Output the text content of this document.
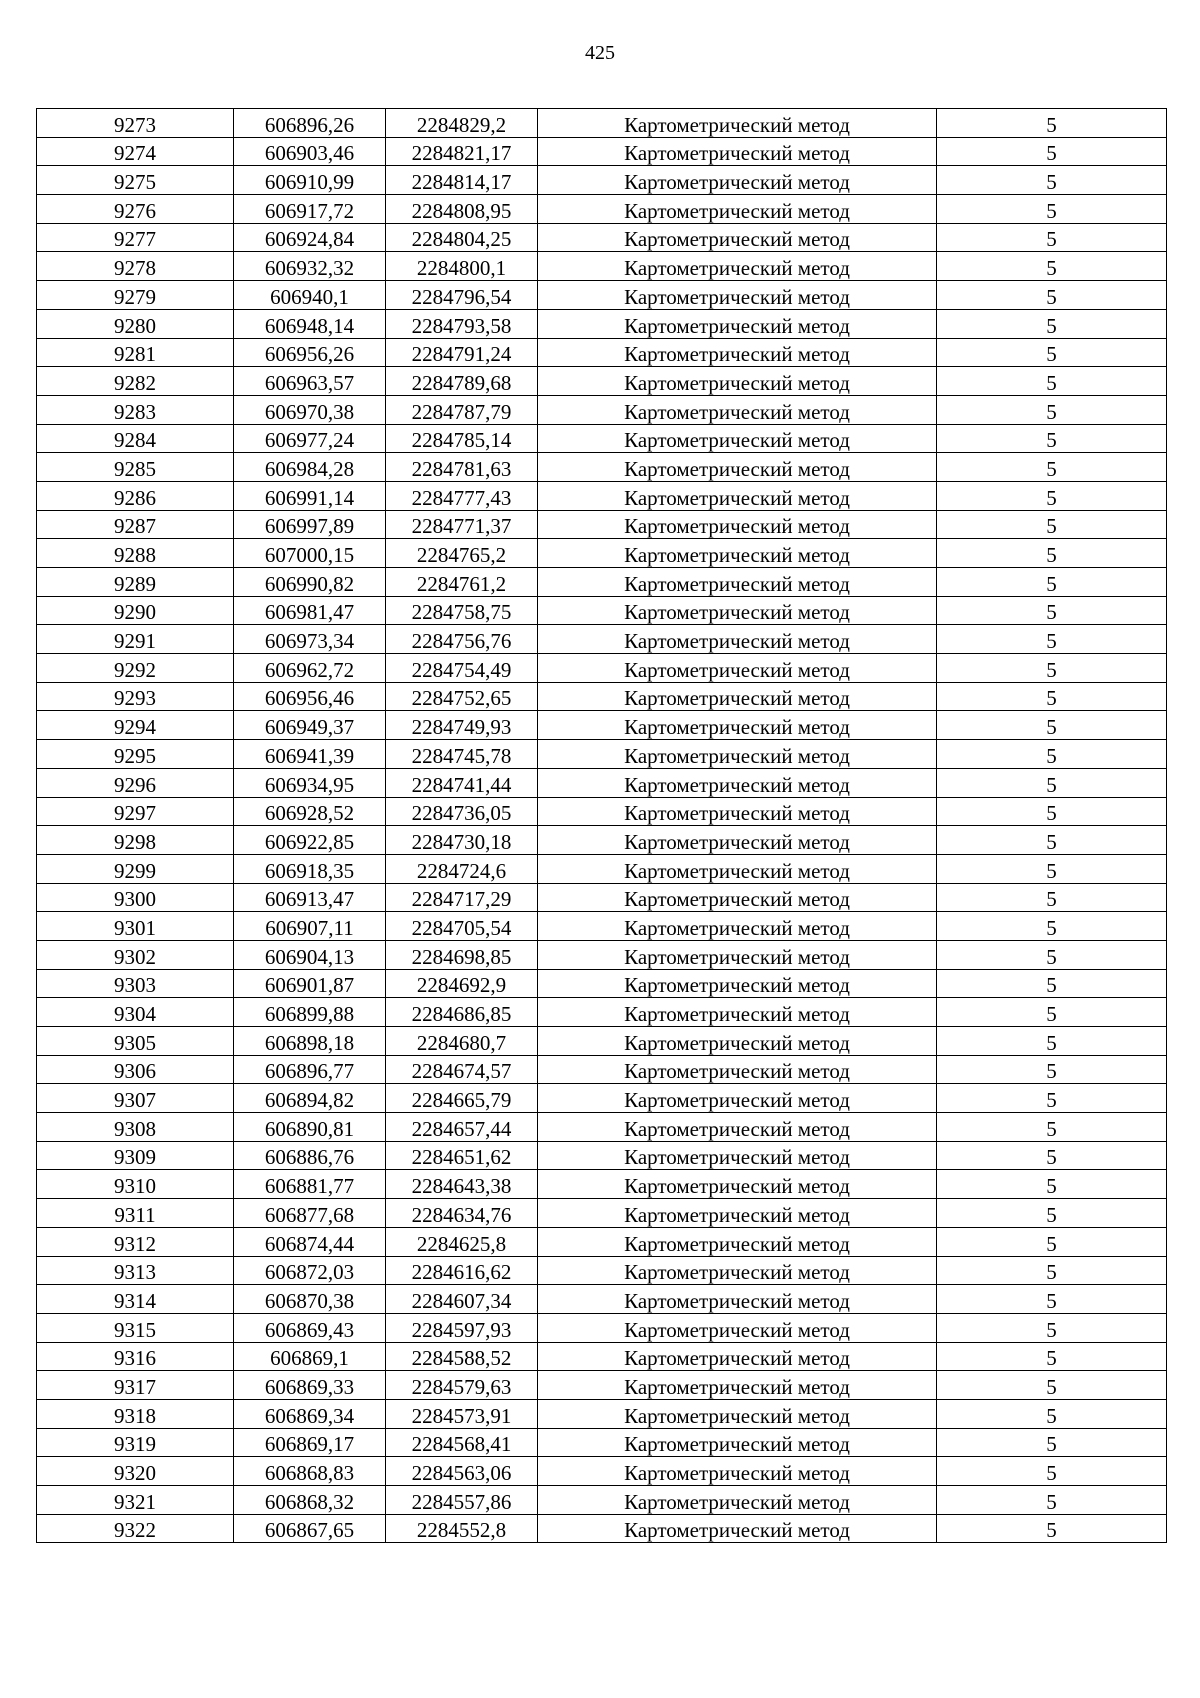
425
9273	606896,26	2284829,2	Картометрический метод	5
9274	606903,46	2284821,17	Картометрический метод	5
9275	606910,99	2284814,17	Картометрический метод	5
9276	606917,72	2284808,95	Картометрический метод	5
9277	606924,84	2284804,25	Картометрический метод	5
9278	606932,32	2284800,1	Картометрический метод	5
9279	606940,1	2284796,54	Картометрический метод	5
9280	606948,14	2284793,58	Картометрический метод	5
9281	606956,26	2284791,24	Картометрический метод	5
9282	606963,57	2284789,68	Картометрический метод	5
9283	606970,38	2284787,79	Картометрический метод	5
9284	606977,24	2284785,14	Картометрический метод	5
9285	606984,28	2284781,63	Картометрический метод	5
9286	606991,14	2284777,43	Картометрический метод	5
9287	606997,89	2284771,37	Картометрический метод	5
9288	607000,15	2284765,2	Картометрический метод	5
9289	606990,82	2284761,2	Картометрический метод	5
9290	606981,47	2284758,75	Картометрический метод	5
9291	606973,34	2284756,76	Картометрический метод	5
9292	606962,72	2284754,49	Картометрический метод	5
9293	606956,46	2284752,65	Картометрический метод	5
9294	606949,37	2284749,93	Картометрический метод	5
9295	606941,39	2284745,78	Картометрический метод	5
9296	606934,95	2284741,44	Картометрический метод	5
9297	606928,52	2284736,05	Картометрический метод	5
9298	606922,85	2284730,18	Картометрический метод	5
9299	606918,35	2284724,6	Картометрический метод	5
9300	606913,47	2284717,29	Картометрический метод	5
9301	606907,11	2284705,54	Картометрический метод	5
9302	606904,13	2284698,85	Картометрический метод	5
9303	606901,87	2284692,9	Картометрический метод	5
9304	606899,88	2284686,85	Картометрический метод	5
9305	606898,18	2284680,7	Картометрический метод	5
9306	606896,77	2284674,57	Картометрический метод	5
9307	606894,82	2284665,79	Картометрический метод	5
9308	606890,81	2284657,44	Картометрический метод	5
9309	606886,76	2284651,62	Картометрический метод	5
9310	606881,77	2284643,38	Картометрический метод	5
9311	606877,68	2284634,76	Картометрический метод	5
9312	606874,44	2284625,8	Картометрический метод	5
9313	606872,03	2284616,62	Картометрический метод	5
9314	606870,38	2284607,34	Картометрический метод	5
9315	606869,43	2284597,93	Картометрический метод	5
9316	606869,1	2284588,52	Картометрический метод	5
9317	606869,33	2284579,63	Картометрический метод	5
9318	606869,34	2284573,91	Картометрический метод	5
9319	606869,17	2284568,41	Картометрический метод	5
9320	606868,83	2284563,06	Картометрический метод	5
9321	606868,32	2284557,86	Картометрический метод	5
9322	606867,65	2284552,8	Картометрический метод	5
